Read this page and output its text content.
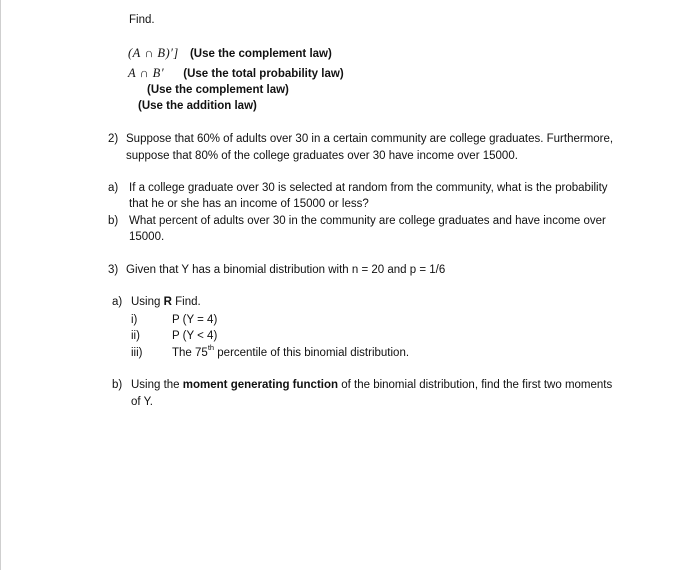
Find.
(A ∩ B)′] (Use the complement law)
A ∩ B′ (Use the total probability law)
(Use the complement law)
(Use the addition law)
2) Suppose that 60% of adults over 30 in a certain community are college graduates. Furthermore,
suppose that 80% of the college graduates over 30 have income over 15000.
a) If a college graduate over 30 is selected at random from the community, what is the probability
that he or she has an income of 15000 or less?
b) What percent of adults over 30 in the community are college graduates and have income over
15000.
3) Given that Y has a binomial distribution with n = 20 and p = 1/6
a) Using R Find.
i)	P (Y = 4)
ii)	P (Y < 4)
iii)	The 75th percentile of this binomial distribution.
b) Using the moment generating function of the binomial distribution, find the first two moments
of Y.
